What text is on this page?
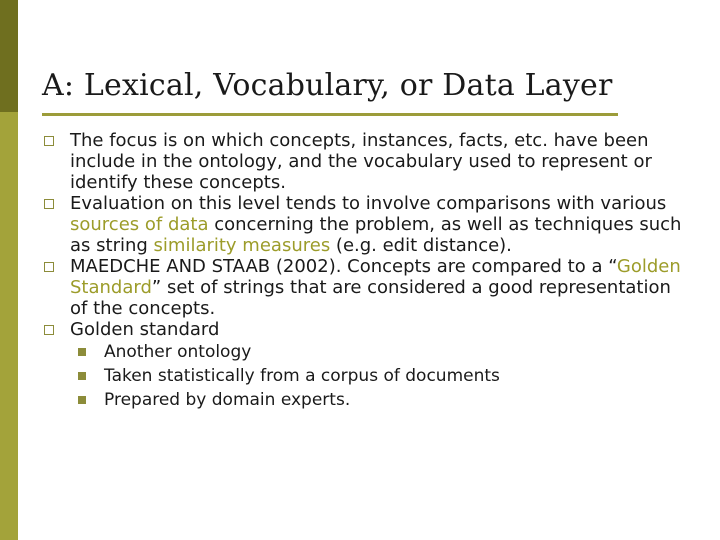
A: Lexical, Vocabulary, or Data Layer
The focus is on which concepts, instances, facts, etc. have been include in the ontology, and the vocabulary used to represent or identify these concepts.
Evaluation on this level tends to involve comparisons with various sources of data concerning the problem, as well as techniques such as string similarity measures (e.g. edit distance).
MAEDCHE AND STAAB (2002). Concepts are compared to a “Golden Standard” set of strings that are considered a good representation of the concepts.
Golden standard
Another ontology
Taken statistically from a corpus of documents
Prepared by domain experts.
